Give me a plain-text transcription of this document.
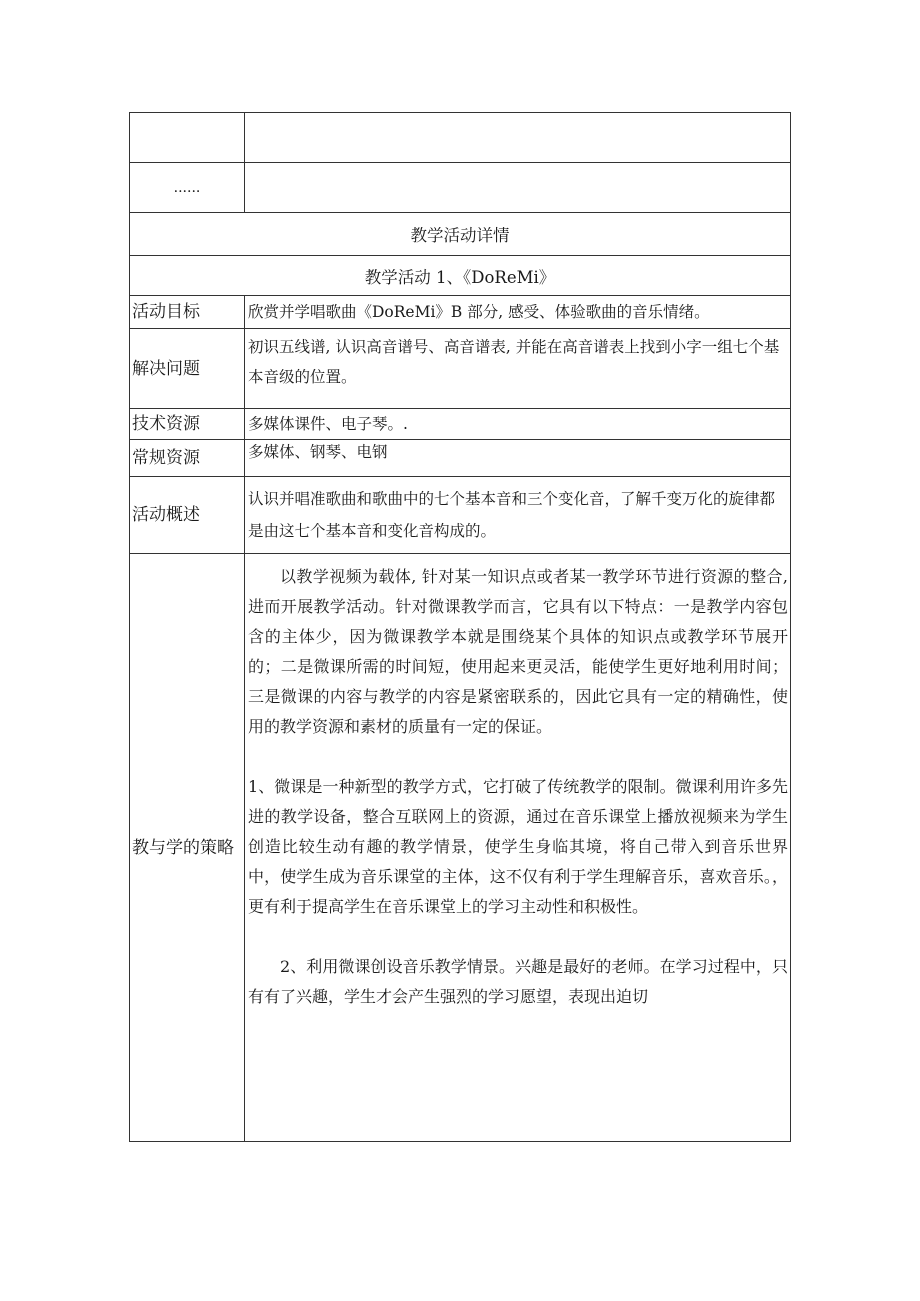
......	
教学活动详情	
教学活动 1、《DoReMi》	
活动目标	欣赏并学唱歌曲《DoReMi》B 部分, 感受、体验歌曲的音乐情绪。
解决问题	初识五线谱, 认识高音谱号、高音谱表, 并能在高音谱表上找到小字一组七个基本音级的位置。
技术资源	多媒体课件、电子琴。.
常规资源	多媒体、钢琴、电钢
活动概述	认识并唱准歌曲和歌曲中的七个基本音和三个变化音，了解千变万化的旋律都是由这七个基本音和变化音构成的。
教与学的策略	以教学视频为载体, 针对某一知识点或者某一教学环节进行资源的整合, 进而开展教学活动。针对微课教学而言，它具有以下特点：一是教学内容包含的主体少，因为微课教学本就是围绕某个具体的知识点或教学环节展开的；二是微课所需的时间短，使用起来更灵活，能使学生更好地利用时间；三是微课的内容与教学的内容是紧密联系的，因此它具有一定的精确性，使用的教学资源和素材的质量有一定的保证。

1、微课是一种新型的教学方式，它打破了传统教学的限制。微课利用许多先进的教学设备，整合互联网上的资源，通过在音乐课堂上播放视频来为学生创造比较生动有趣的教学情景，使学生身临其境，将自己带入到音乐世界中，使学生成为音乐课堂的主体，这不仅有利于学生理解音乐，喜欢音乐。，更有利于提高学生在音乐课堂上的学习主动性和积极性。

2、利用微课创设音乐教学情景。兴趣是最好的老师。在学习过程中，只有有了兴趣，学生才会产生强烈的学习愿望，表现出迫切
